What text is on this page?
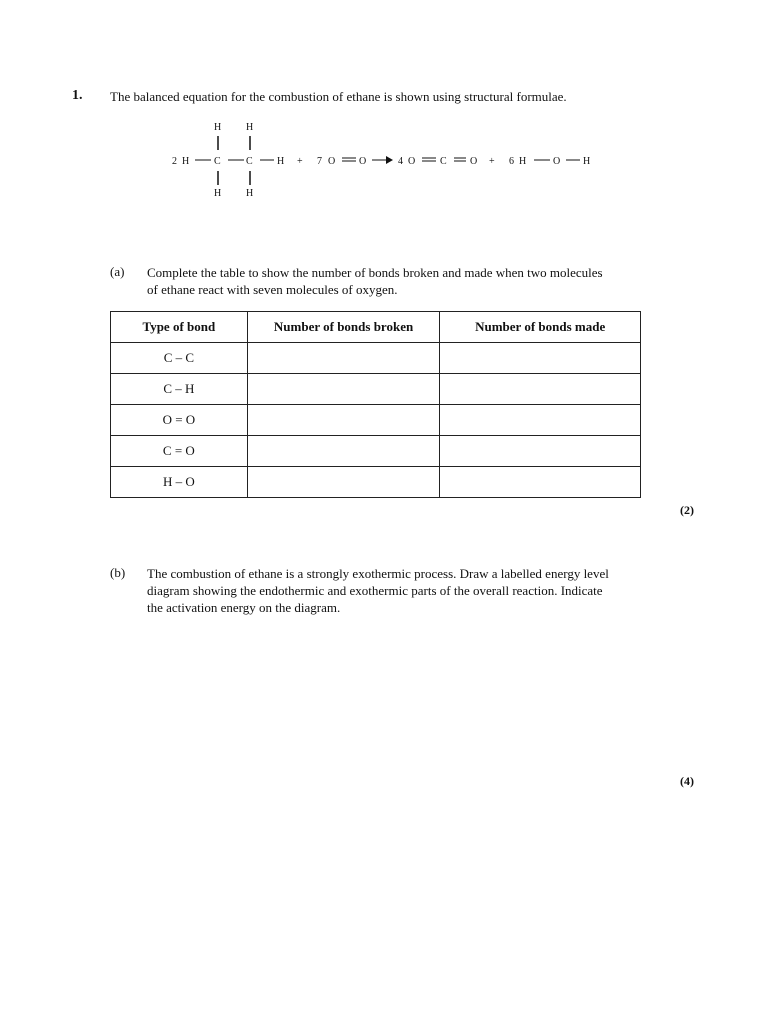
1. The balanced equation for the combustion of ethane is shown using structural formulae.
H H
2 H C	C H + 7 O O	4 O C O + 6 H	O H
H H
(a) Complete the table to show the number of bonds broken and made when two molecules
of ethane react with seven molecules of oxygen.
Type of bond	Number of bonds broken	Number of bonds made
C – C		
C – H		
O = O		
C = O		
H – O		
(2)
(b) The combustion of ethane is a strongly exothermic process. Draw a labelled energy level
diagram showing the endothermic and exothermic parts of the overall reaction. Indicate
the activation energy on the diagram.
(4)
